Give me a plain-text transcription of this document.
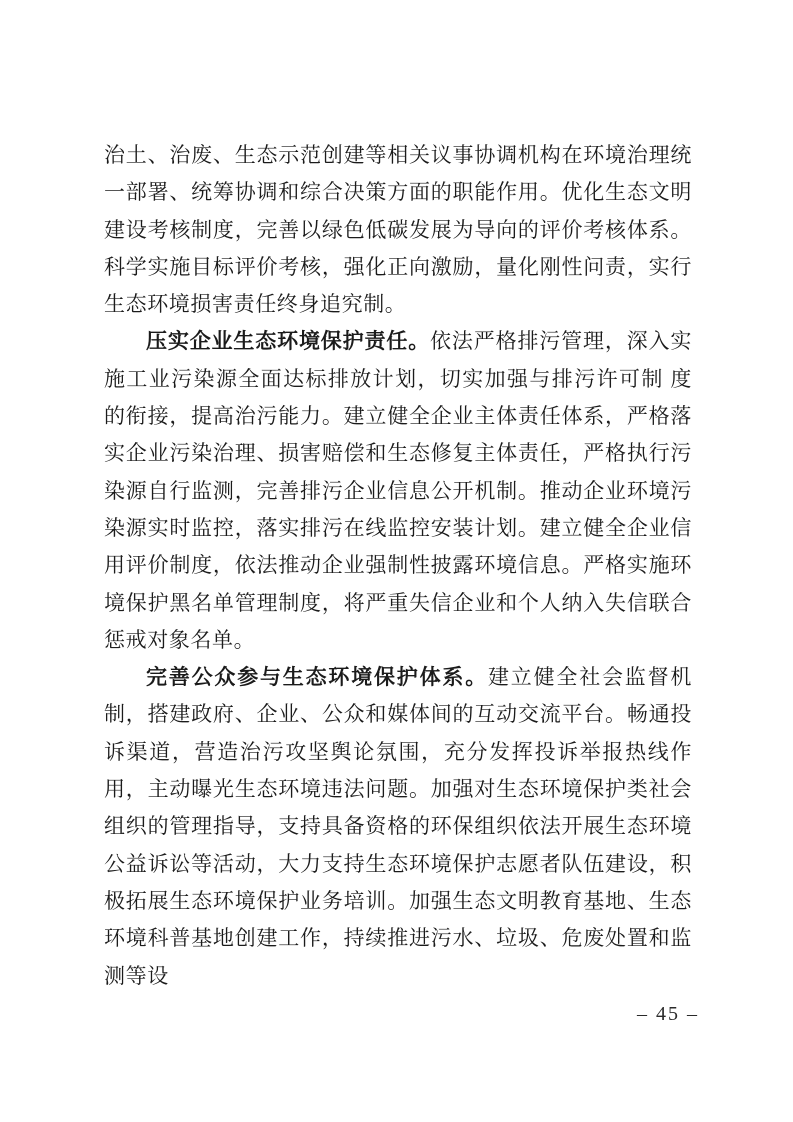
治土、治废、生态示范创建等相关议事协调机构在环境治理统一部署、统筹协调和综合决策方面的职能作用。优化生态文明建设考核制度，完善以绿色低碳发展为导向的评价考核体系。科学实施目标评价考核，强化正向激励，量化刚性问责，实行生态环境损害责任终身追究制。

压实企业生态环境保护责任。依法严格排污管理，深入实施工业污染源全面达标排放计划，切实加强与排污许可制 度的衔接，提高治污能力。建立健全企业主体责任体系，严格落实企业污染治理、损害赔偿和生态修复主体责任，严格执行污染源自行监测，完善排污企业信息公开机制。推动企业环境污染源实时监控，落实排污在线监控安装计划。建立健全企业信用评价制度，依法推动企业强制性披露环境信息。严格实施环境保护黑名单管理制度，将严重失信企业和个人纳入失信联合惩戒对象名单。

完善公众参与生态环境保护体系。建立健全社会监督机制，搭建政府、企业、公众和媒体间的互动交流平台。畅通投诉渠道，营造治污攻坚舆论氛围，充分发挥投诉举报热线作用，主动曝光生态环境违法问题。加强对生态环境保护类社会组织的管理指导，支持具备资格的环保组织依法开展生态环境公益诉讼等活动，大力支持生态环境保护志愿者队伍建设，积极拓展生态环境保护业务培训。加强生态文明教育基地、生态环境科普基地创建工作，持续推进污水、垃圾、危废处置和监测等设

– 45 –
